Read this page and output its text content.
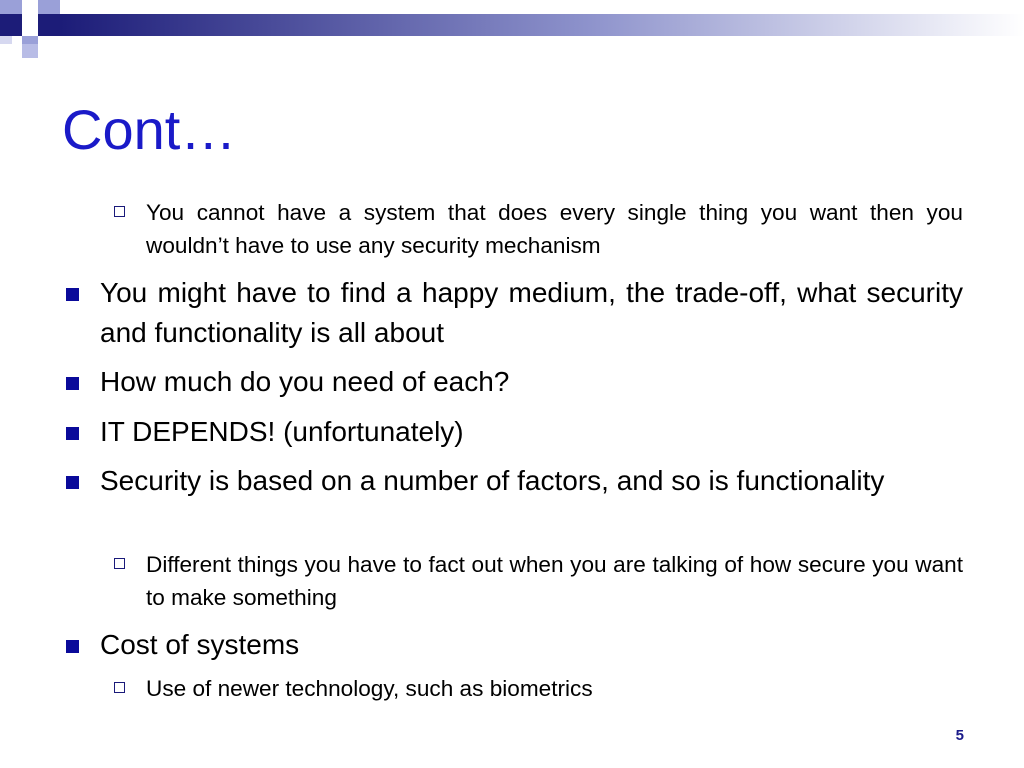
Cont…
You cannot have a system that does every single thing you want then you wouldn’t have to use any security mechanism
You might have to find a happy medium, the trade-off, what security and functionality is all about
How much do you need of each?
IT DEPENDS! (unfortunately)
Security is based on a number of factors, and so is functionality
Different things you have to fact out when you are talking of how secure you want to make something
Cost of systems
Use of newer technology, such as biometrics
5
